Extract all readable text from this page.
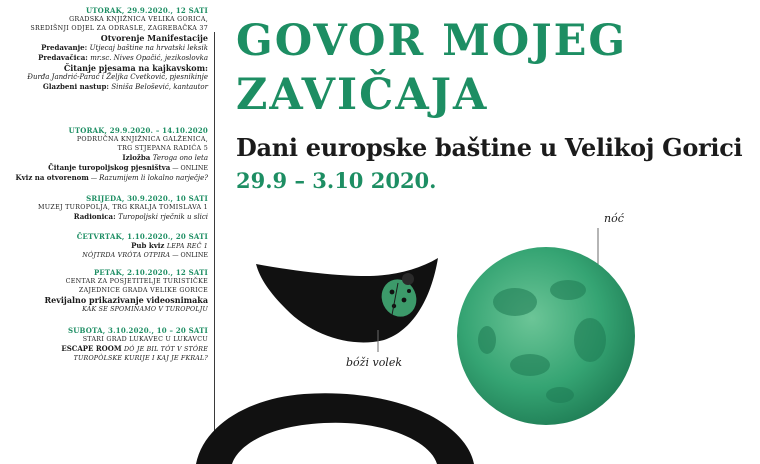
UTORAK, 29.9.2020., 12 SATI
GRADSKA KNJIŽNICA VELIKA GORICA,
SREDIŠNJI ODJEL ZA ODRASLE, ZAGREBAČKA 37
Otvorenje Manifestacije
Predavanje: Utjecaj baštine na hrvatski leksik
Predavačica: mr.sc. Nives Opačić, jezikoslovka
Čitanje pjesama na kajkavskom:
Đurđa Jandrić-Parać i Željka Cvetković, pjesnikinje
Glazbeni nastup: Siniša Belošević, kantautor
UTORAK, 29.9.2020. – 14.10.2020
PODRUČNA KNJIŽNICA GALŽENICA,
TRG STJEPANA RADIĆA 5
Izložba Teroga ono leta
Čitanje turopoljskog pjesništva — ONLINE
Kviz na otvorenom — Razumijem li lokalno narječje?
SRIJEDA, 30.9.2020., 10 SATI
MUZEJ TUROPOLJA, TRG KRALJA TOMISLAVA 1
Radionica: Turopoljski rječnik u slici
ČETVRTAK, 1.10.2020., 20 SATI
Pub kviz LEPA REČ 1
NÓJTRDA VRÓTA OTPIRA — ONLINE
PETAK, 2.10.2020., 12 SATI
CENTAR ZA POSJETITELJE TURISTIČKE
ZAJEDNICE GRADA VELIKE GORICE
Revijalno prikazivanje videosnimaka
KAK SE SPOMINAMO V TUROPOLJU
SUBOTA, 3.10.2020., 10 – 20 SATI
STARI GRAD LUKAVEC U LUKAVCU
ESCAPE ROOM DÓ JE BIL TÓT V STÓRE
TUROPÒLSKE KURIJE I KAJ JE FKRAL?
GOVOR MOJEG
ZAVIČAJA
Dani europske baštine u Velikoj Gorici
29.9 – 3.10 2020.
nóć
bóži volek
